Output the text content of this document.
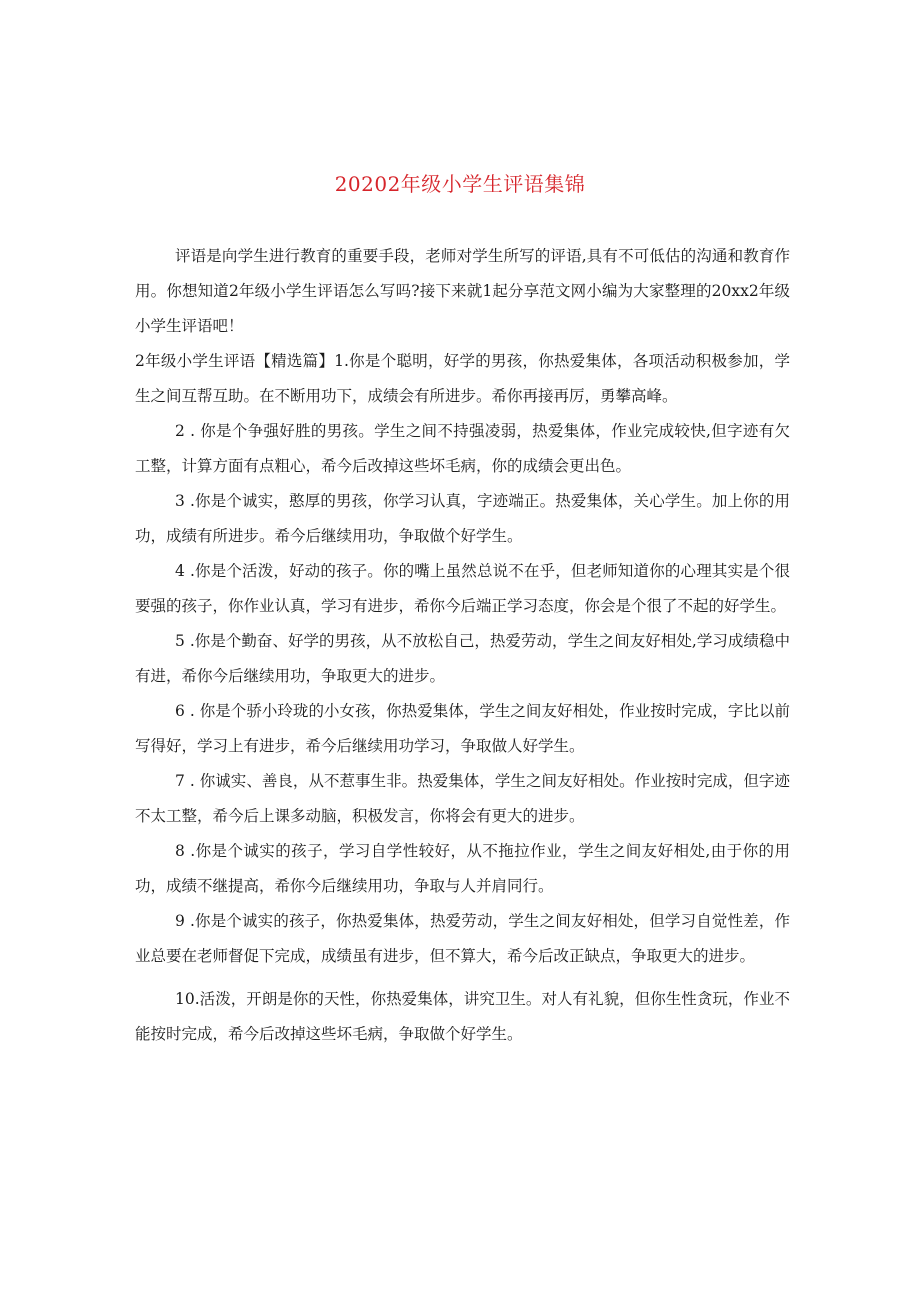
20202年级小学生评语集锦

评语是向学生进行教育的重要手段，老师对学生所写的评语,具有不可低估的沟通和教育作用。你想知道2年级小学生评语怎么写吗?接下来就1起分享范文网小编为大家整理的20xx2年级小学生评语吧！

2年级小学生评语【精选篇】1.你是个聪明，好学的男孩，你热爱集体，各项活动积极参加，学生之间互帮互助。在不断用功下，成绩会有所进步。希你再接再厉，勇攀高峰。

2 . 你是个争强好胜的男孩。学生之间不持强凌弱，热爱集体，作业完成较快,但字迹有欠工整，计算方面有点粗心，希今后改掉这些坏毛病，你的成绩会更出色。

3 .你是个诚实，憨厚的男孩，你学习认真，字迹端正。热爱集体，关心学生。加上你的用功，成绩有所进步。希今后继续用功，争取做个好学生。

4 .你是个活泼，好动的孩子。你的嘴上虽然总说不在乎，但老师知道你的心理其实是个很要强的孩子，你作业认真，学习有进步，希你今后端正学习态度，你会是个很了不起的好学生。

5 .你是个勤奋、好学的男孩，从不放松自己，热爱劳动，学生之间友好相处,学习成绩稳中有进，希你今后继续用功，争取更大的进步。

6 . 你是个骄小玲珑的小女孩，你热爱集体，学生之间友好相处，作业按时完成，字比以前写得好，学习上有进步，希今后继续用功学习，争取做人好学生。

7 . 你诚实、善良，从不惹事生非。热爱集体，学生之间友好相处。作业按时完成，但字迹不太工整，希今后上课多动脑，积极发言，你将会有更大的进步。

8 .你是个诚实的孩子，学习自学性较好，从不拖拉作业，学生之间友好相处,由于你的用功，成绩不继提高，希你今后继续用功，争取与人并肩同行。

9 .你是个诚实的孩子，你热爱集体，热爱劳动，学生之间友好相处，但学习自觉性差，作业总要在老师督促下完成，成绩虽有进步，但不算大，希今后改正缺点，争取更大的进步。

10.活泼，开朗是你的天性，你热爱集体，讲究卫生。对人有礼貌，但你生性贪玩，作业不能按时完成，希今后改掉这些坏毛病，争取做个好学生。
